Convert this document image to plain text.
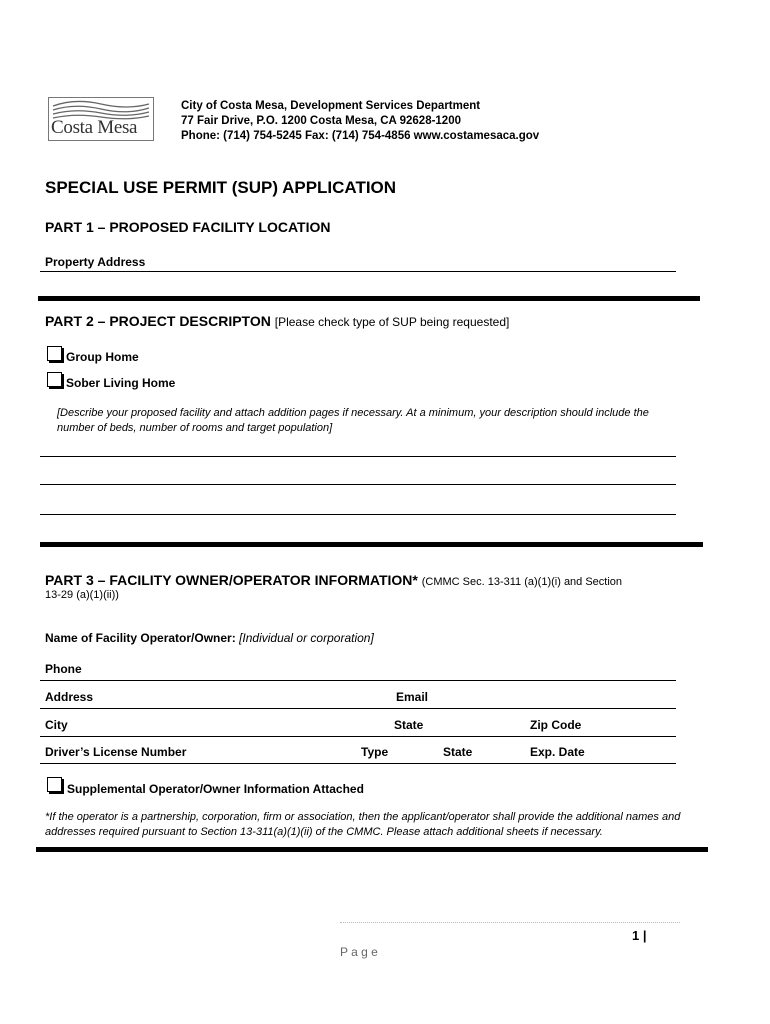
Costa Mesa
City of Costa Mesa, Development Services Department
77 Fair Drive, P.O. 1200 Costa Mesa, CA 92628-1200
Phone: (714) 754-5245 Fax: (714) 754-4856 www.costamesaca.gov
SPECIAL USE PERMIT (SUP) APPLICATION
PART 1 – PROPOSED FACILITY LOCATION
Property Address
PART 2 – PROJECT DESCRIPTON [Please check type of SUP being requested]
Group Home
Sober Living Home
[Describe your proposed facility and attach addition pages if necessary. At a minimum, your description should include the number of beds, number of rooms and target population]
PART 3 – FACILITY OWNER/OPERATOR INFORMATION* (CMMC Sec. 13-311 (a)(1)(i) and Section
13-29 (a)(1)(ii))
Name of Facility Operator/Owner: [Individual or corporation]
Phone
Address	Email
City	State	Zip Code
Driver’s License Number	Type	State	Exp. Date
Supplemental Operator/Owner Information Attached
*If the operator is a partnership, corporation, firm or association, then the applicant/operator shall provide the additional names and addresses required pursuant to Section 13-311(a)(1)(ii) of the CMMC. Please attach additional sheets if necessary.
1 |
P a g e
